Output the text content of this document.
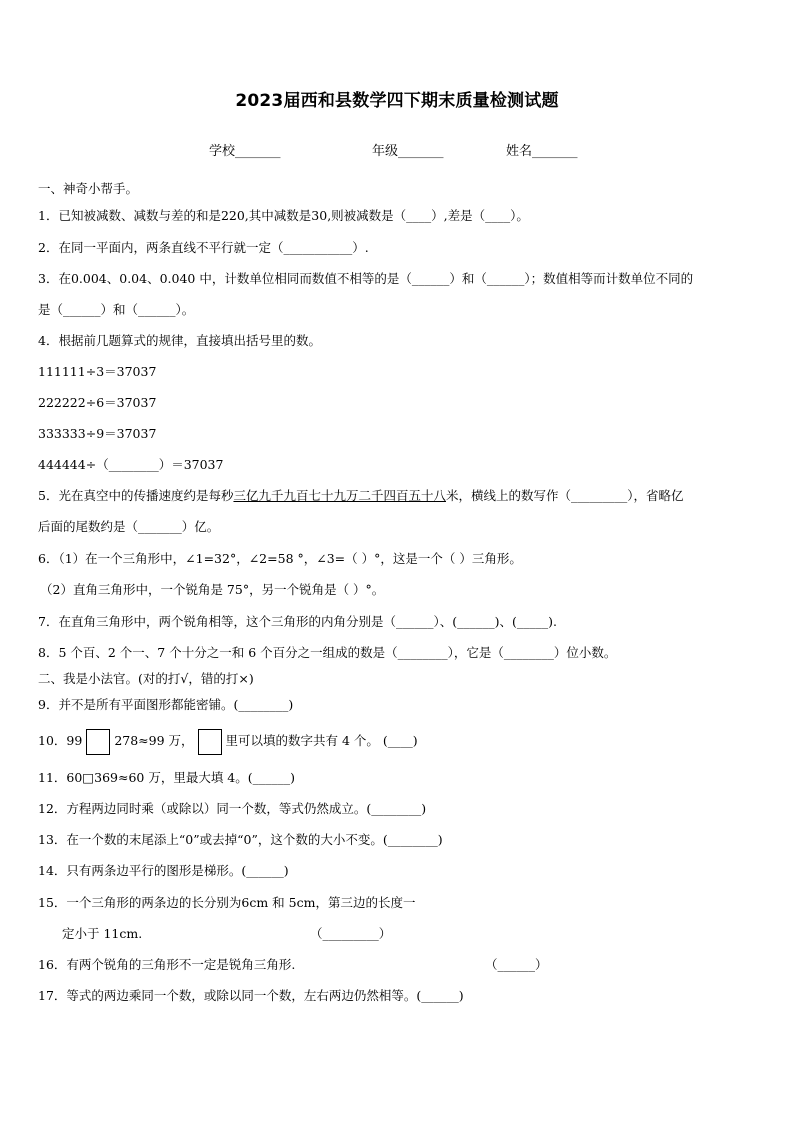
2023届西和县数学四下期末质量检测试题
学校_______	年级_______	姓名_______
一、神奇小帮手。
1．已知被减数、减数与差的和是220,其中减数是30,则被减数是（____）,差是（____）。
2．在同一平面内，两条直线不平行就一定（___________）.
3．在0.004、0.04、0.040 中，计数单位相同而数值不相等的是（______）和（______）；数值相等而计数单位不同的
是（______）和（______）。
4．根据前几题算式的规律，直接填出括号里的数。
111111÷3＝37037
222222÷6＝37037
333333÷9＝37037
444444÷（________）＝37037
5．光在真空中的传播速度约是每秒三亿九千九百七十九万二千四百五十八米，横线上的数写作（_________），省略亿
后面的尾数约是（_______）亿。
6．（1）在一个三角形中，∠1=32°，∠2=58 °，∠3=（ ）°，这是一个（ ）三角形。
（2）直角三角形中，一个锐角是 75°，另一个锐角是（ ）°。
7．在直角三角形中，两个锐角相等，这个三角形的内角分别是（______）、(______)、(_____).
8．5 个百、2 个一、7 个十分之一和 6 个百分之一组成的数是（________），它是（________）位小数。
二、我是小法官。(对的打√，错的打×)
9．并不是所有平面图形都能密铺。(________)
10．99	278≈99 万，	里可以填的数字共有 4 个。 (____)
11．60□369≈60 万，里最大填 4。(______)
12．方程两边同时乘（或除以）同一个数，等式仍然成立。(________)
13．在一个数的末尾添上“0”或去掉“0”，这个数的大小不变。(________)
14．只有两条边平行的图形是梯形。(______)
15．一个三角形的两条边的长分别为6cm 和 5cm，第三边的长度一
定小于 11cm.	（_________）
16．有两个锐角的三角形不一定是锐角三角形.	（______）
17．等式的两边乘同一个数，或除以同一个数，左右两边仍然相等。(______)
